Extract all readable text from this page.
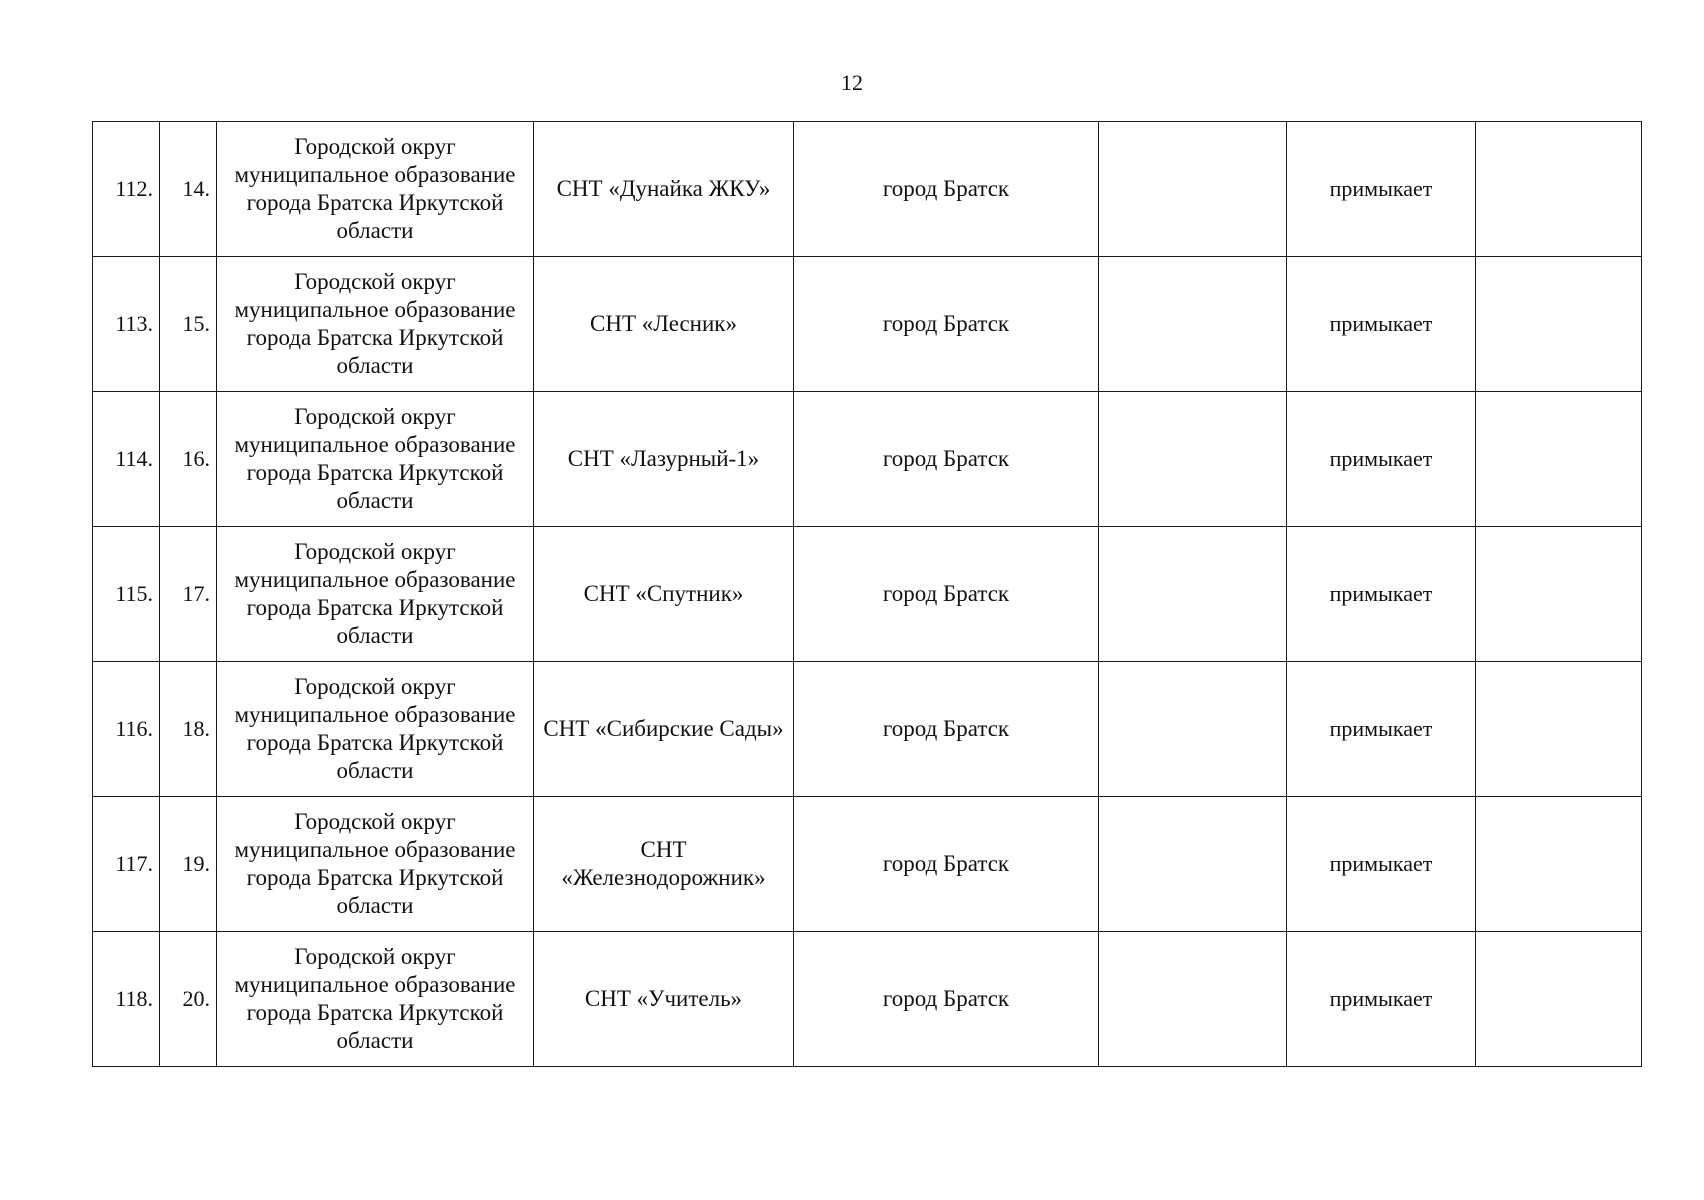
12
112.	14.	Городской округ муниципальное образование города Братска Иркутской области	СНТ «Дунайка ЖКУ»	город Братск		примыкает	
113.	15.	Городской округ муниципальное образование города Братска Иркутской области	СНТ «Лесник»	город Братск		примыкает	
114.	16.	Городской округ муниципальное образование города Братска Иркутской области	СНТ «Лазурный-1»	город Братск		примыкает	
115.	17.	Городской округ муниципальное образование города Братска Иркутской области	СНТ «Спутник»	город Братск		примыкает	
116.	18.	Городской округ муниципальное образование города Братска Иркутской области	СНТ «Сибирские Сады»	город Братск		примыкает	
117.	19.	Городской округ муниципальное образование города Братска Иркутской области	СНТ «Железнодорожник»	город Братск		примыкает	
118.	20.	Городской округ муниципальное образование города Братска Иркутской области	СНТ «Учитель»	город Братск		примыкает	
